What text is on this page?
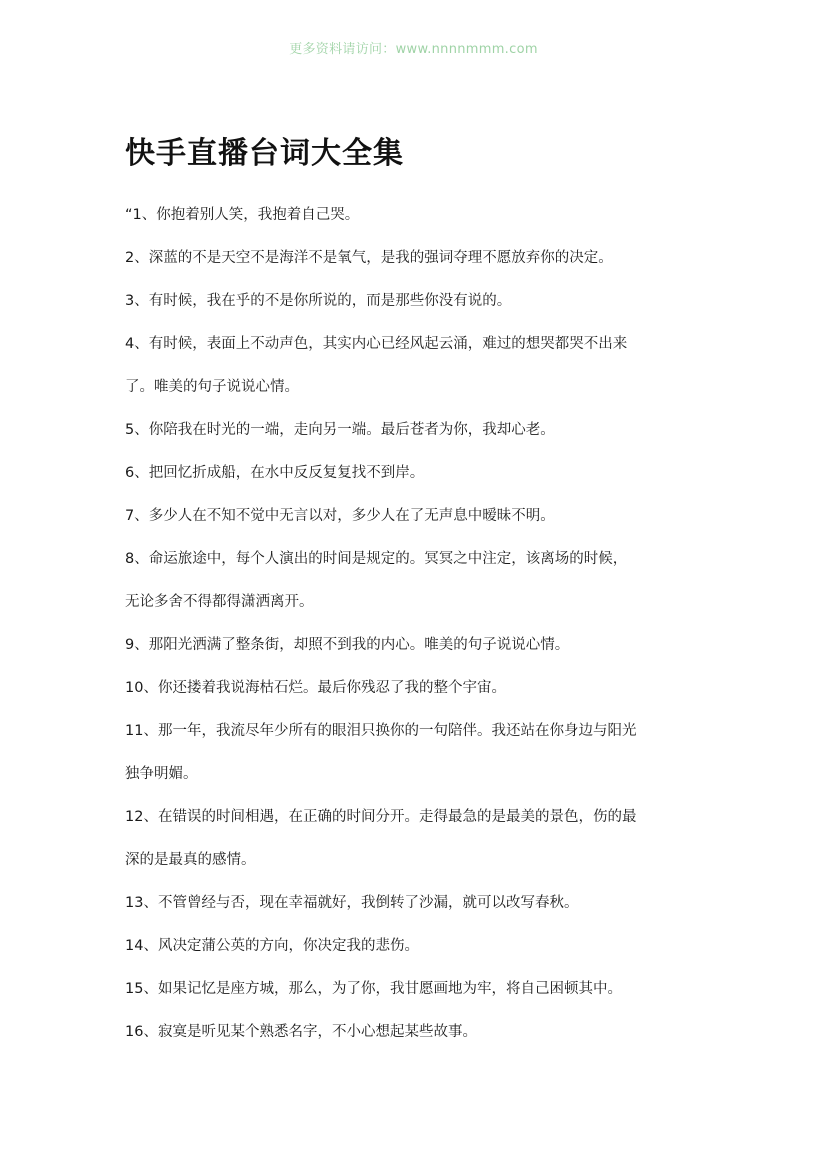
更多资料请访问：www.nnnnmmm.com
快手直播台词大全集
“1、你抱着别人笑，我抱着自己哭。
2、深蓝的不是天空不是海洋不是氧气，是我的强词夺理不愿放弃你的决定。
3、有时候，我在乎的不是你所说的，而是那些你没有说的。
4、有时候，表面上不动声色，其实内心已经风起云涌，难过的想哭都哭不出来
了。唯美的句子说说心情。
5、你陪我在时光的一端，走向另一端。最后苍者为你，我却心老。
6、把回忆折成船，在水中反反复复找不到岸。
7、多少人在不知不觉中无言以对，多少人在了无声息中暧昧不明。
8、命运旅途中，每个人演出的时间是规定的。冥冥之中注定，该离场的时候，
无论多舍不得都得潇洒离开。
9、那阳光洒满了整条街，却照不到我的内心。唯美的句子说说心情。
10、你还搂着我说海枯石烂。最后你残忍了我的整个宇宙。
11、那一年，我流尽年少所有的眼泪只换你的一句陪伴。我还站在你身边与阳光
独争明媚。
12、在错误的时间相遇，在正确的时间分开。走得最急的是最美的景色，伤的最
深的是最真的感情。
13、不管曾经与否，现在幸福就好，我倒转了沙漏，就可以改写春秋。
14、风决定蒲公英的方向，你决定我的悲伤。
15、如果记忆是座方城，那么，为了你，我甘愿画地为牢，将自己困顿其中。
16、寂寞是听见某个熟悉名字，不小心想起某些故事。
